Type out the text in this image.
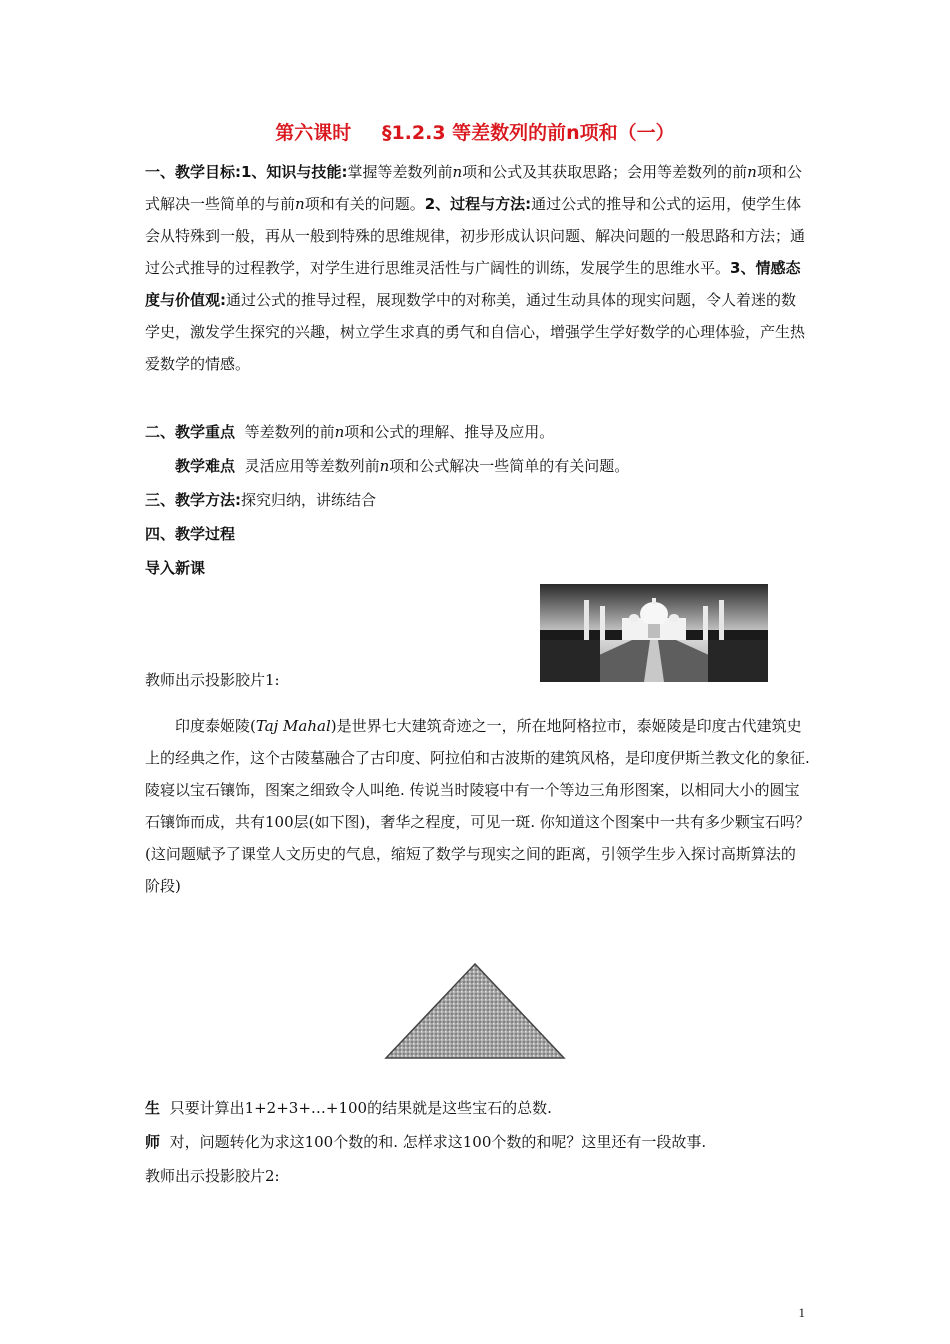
第六课时 §1.2.3 等差数列的前n项和（一）
一、教学目标:1、知识与技能:掌握等差数列前n项和公式及其获取思路；会用等差数列的前n项和公式解决一些简单的与前n项和有关的问题。2、过程与方法:通过公式的推导和公式的运用，使学生体会从特殊到一般，再从一般到特殊的思维规律，初步形成认识问题、解决问题的一般思路和方法；通过公式推导的过程教学，对学生进行思维灵活性与广阔性的训练，发展学生的思维水平。3、情感态度与价值观:通过公式的推导过程，展现数学中的对称美，通过生动具体的现实问题，令人着迷的数学史，激发学生探究的兴趣，树立学生求真的勇气和自信心，增强学生学好数学的心理体验，产生热爱数学的情感。
二、教学重点 等差数列的前n项和公式的理解、推导及应用。
教学难点 灵活应用等差数列前n项和公式解决一些简单的有关问题。
三、教学方法:探究归纳，讲练结合
四、教学过程
导入新课
教师出示投影胶片1:
印度泰姬陵(Taj Mahal)是世界七大建筑奇迹之一，所在地阿格拉市，泰姬陵是印度古代建筑史上的经典之作，这个古陵墓融合了古印度、阿拉伯和古波斯的建筑风格，是印度伊斯兰教文化的象征. 陵寝以宝石镶饰，图案之细致令人叫绝. 传说当时陵寝中有一个等边三角形图案，以相同大小的圆宝石镶饰而成，共有100层(如下图)，奢华之程度，可见一斑. 你知道这个图案中一共有多少颗宝石吗？(这问题赋予了课堂人文历史的气息，缩短了数学与现实之间的距离，引领学生步入探讨高斯算法的阶段)
生 只要计算出1+2+3+…+100的结果就是这些宝石的总数.
师 对，问题转化为求这100个数的和. 怎样求这100个数的和呢？这里还有一段故事.
教师出示投影胶片2:
1
